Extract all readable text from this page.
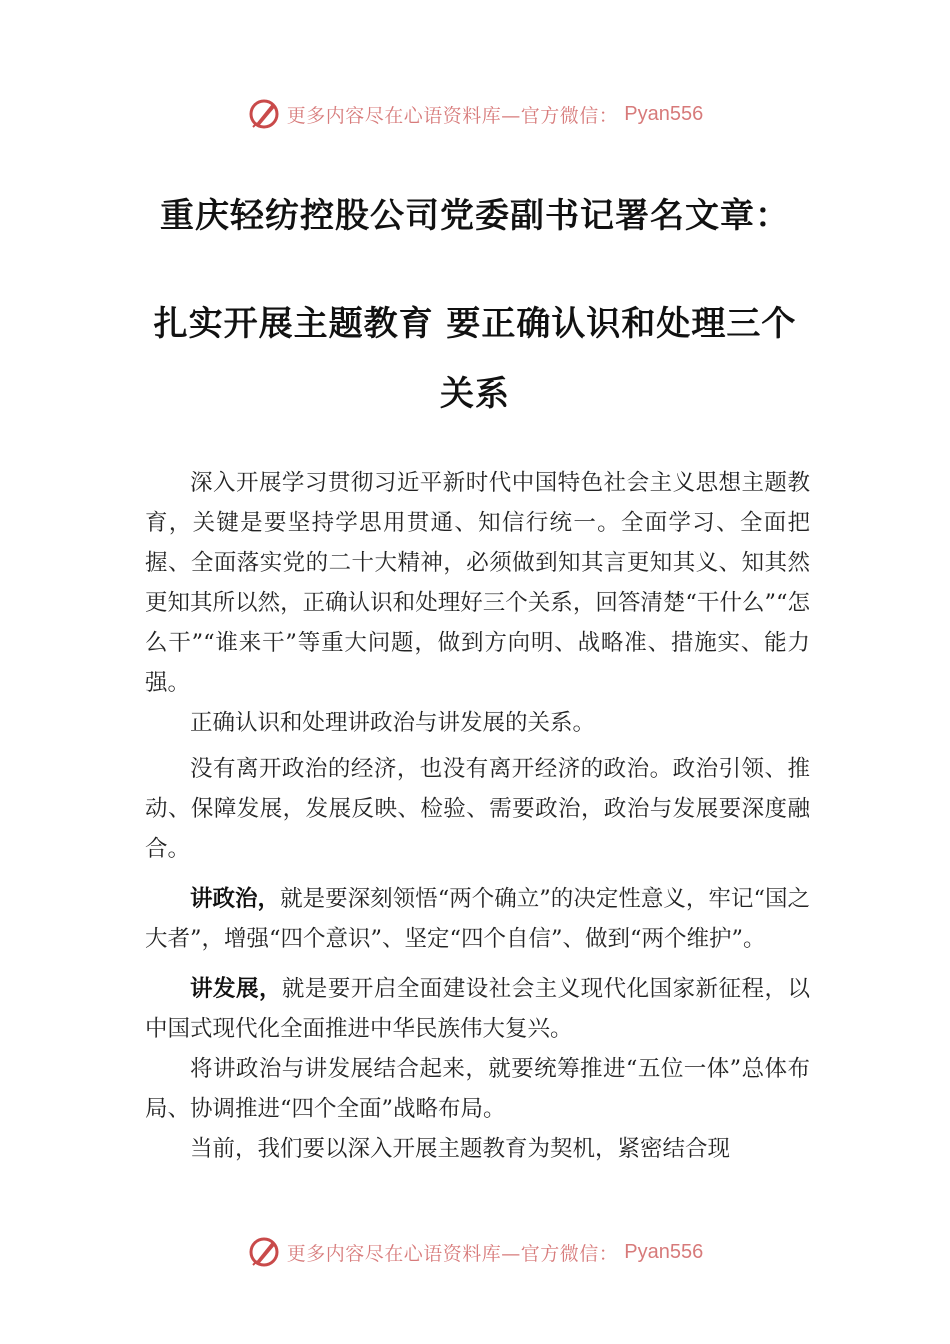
更多内容尽在心语资料库—官方微信： Pyan556
重庆轻纺控股公司党委副书记署名文章：
扎实开展主题教育 要正确认识和处理三个
关系

深入开展学习贯彻习近平新时代中国特色社会主义思想主题教育，关键是要坚持学思用贯通、知信行统一。全面学习、全面把握、全面落实党的二十大精神，必须做到知其言更知其义、知其然更知其所以然，正确认识和处理好三个关系，回答清楚“干什么”“怎么干”“谁来干”等重大问题，做到方向明、战略准、措施实、能力强。

正确认识和处理讲政治与讲发展的关系。

没有离开政治的经济，也没有离开经济的政治。政治引领、推动、保障发展，发展反映、检验、需要政治，政治与发展要深度融合。

讲政治，就是要深刻领悟“两个确立”的决定性意义，牢记“国之大者”，增强“四个意识”、坚定“四个自信”、做到“两个维护”。

讲发展，就是要开启全面建设社会主义现代化国家新征程，以中国式现代化全面推进中华民族伟大复兴。

将讲政治与讲发展结合起来，就要统筹推进“五位一体”总体布局、协调推进“四个全面”战略布局。

当前，我们要以深入开展主题教育为契机，紧密结合现

更多内容尽在心语资料库—官方微信： Pyan556
